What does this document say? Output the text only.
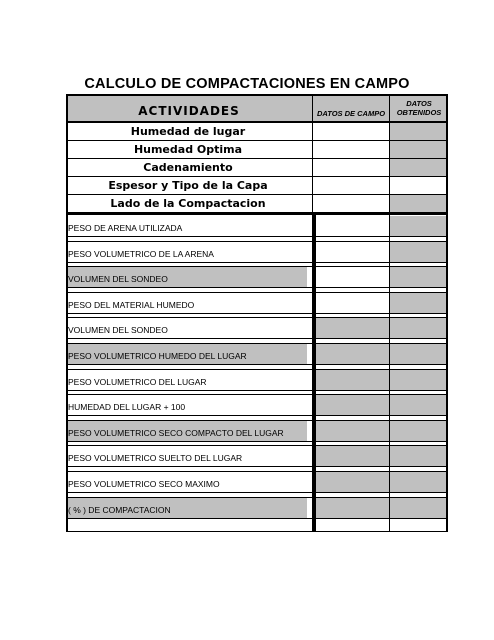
CALCULO DE COMPACTACIONES EN CAMPO
ACTIVIDADES	DATOS DE CAMPO
DATOS
OBTENIDOS
Humedad de lugar
Humedad Optima
Cadenamiento
Espesor y Tipo de la Capa
Lado de la Compactacion
PESO DE ARENA UTILIZADA
PESO VOLUMETRICO DE LA ARENA
VOLUMEN DEL SONDEO
PESO DEL MATERIAL HUMEDO
VOLUMEN DEL SONDEO
PESO VOLUMETRICO HUMEDO DEL LUGAR
PESO VOLUMETRICO DEL LUGAR
HUMEDAD DEL LUGAR + 100
PESO VOLUMETRICO SECO COMPACTO DEL LUGAR
PESO VOLUMETRICO SUELTO DEL LUGAR
PESO VOLUMETRICO SECO MAXIMO
( % ) DE COMPACTACION
